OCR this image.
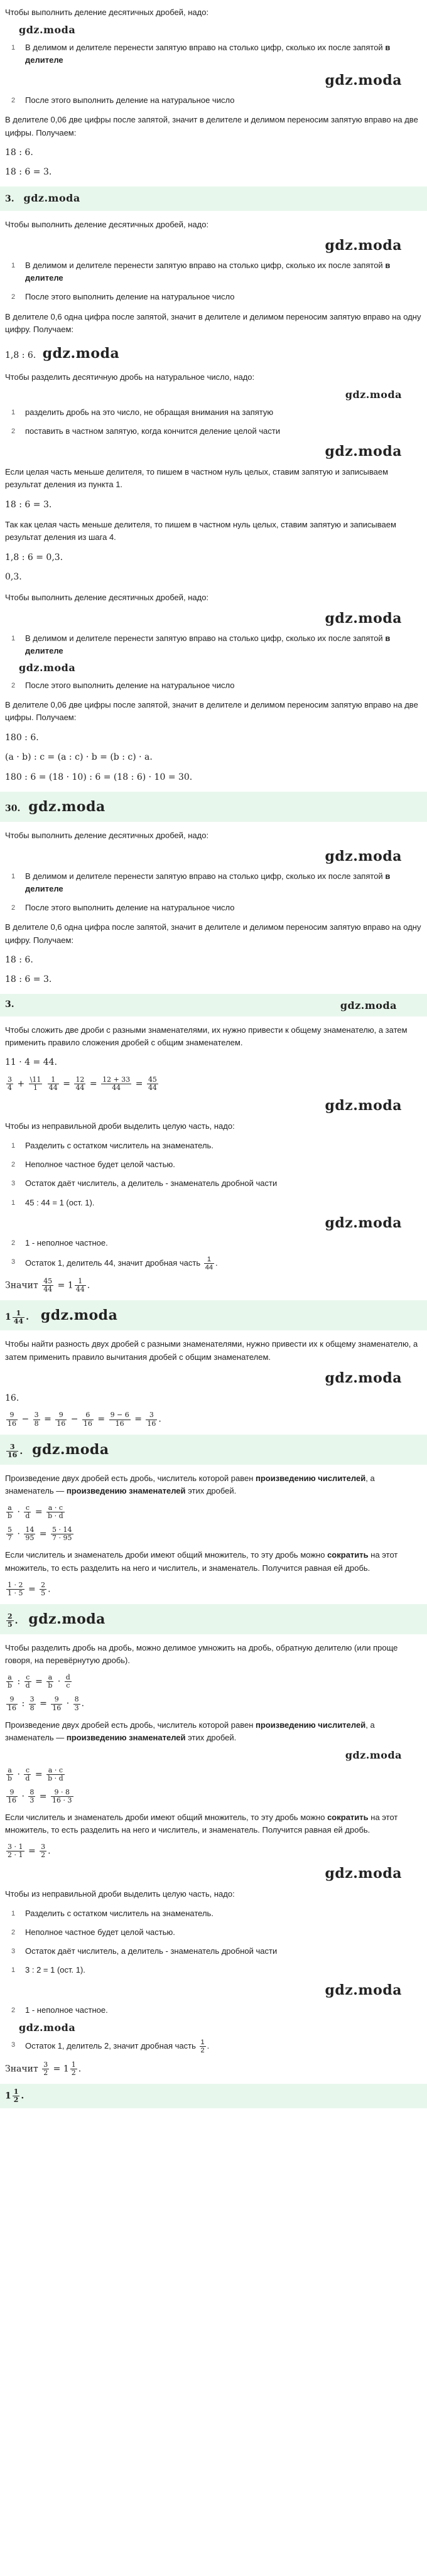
Чтобы выполнить деление десятичных дробей, надо:
gdz.moda
1	В делимом и делителе перенести запятую вправо на столько цифр, сколько их после запятой в делителе
gdz.moda
2	После этого выполнить деление на натуральное число
В делителе 0,06 две цифры после запятой, значит в делителе и делимом переносим запятую вправо на две цифры. Получаем:
18 : 6.
18 : 6 = 3.
3. gdz.moda
Чтобы выполнить деление десятичных дробей, надо:
gdz.moda
1	В делимом и делителе перенести запятую вправо на столько цифр, сколько их после запятой в делителе
2	После этого выполнить деление на натуральное число
В делителе 0,6 одна цифра после запятой, значит в делителе и делимом переносим запятую вправо на одну цифру. Получаем:
1,8 : 6. gdz.moda
Чтобы разделить десятичную дробь на натуральное число, надо:
gdz.moda
1	разделить дробь на это число, не обращая внимания на запятую
2	поставить в частном запятую, когда кончится деление целой части
gdz.moda
Если целая часть меньше делителя, то пишем в частном нуль целых, ставим запятую и записываем результат деления из пункта 1.
18 : 6 = 3.
Так как целая часть меньше делителя, то пишем в частном нуль целых, ставим запятую и записываем результат деления из шага 4.
1,8 : 6 = 0,3.
0,3.
Чтобы выполнить деление десятичных дробей, надо:
gdz.moda
1	В делимом и делителе перенести запятую вправо на столько цифр, сколько их после запятой в делителе
gdz.moda
2	После этого выполнить деление на натуральное число
В делителе 0,06 две цифры после запятой, значит в делителе и делимом переносим запятую вправо на две цифры. Получаем:
180 : 6.
(a · b) : c = (a : c) · b = (b : c) · a.
180 : 6 = (18 · 10) : 6 = (18 : 6) · 10 = 30.
30. gdz.moda
Чтобы выполнить деление десятичных дробей, надо:
gdz.moda
1	В делимом и делителе перенести запятую вправо на столько цифр, сколько их после запятой в делителе
2	После этого выполнить деление на натуральное число
В делителе 0,6 одна цифра после запятой, значит в делителе и делимом переносим запятую вправо на одну цифру. Получаем:
18 : 6.
18 : 6 = 3.
3.	gdz.moda
Чтобы сложить две дроби с разными знаменателями, их нужно привести к общему знаменателю, а затем применить правило сложения дробей с общим знаменателем.
11 · 4 = 44.
$\frac{3}{4} + \frac{\backslash 11}{1}$
$\frac{1}{44} = \frac{12}{44} = \frac{12 + 33}{44} = \frac{45}{44}$
gdz.moda
Чтобы из неправильной дроби выделить целую часть, надо:
1	Разделить с остатком числитель на знаменатель.
2	Неполное частное будет целой частью.
3	Остаток даёт числитель, а делитель - знаменатель дробной части
1	45 : 44 = 1 (ост. 1).
gdz.moda
2	1 - неполное частное.
3	Остаток 1, делитель 44, значит дробная часть $\frac{1}{44}$ .
Значит $\frac{45}{44} = 1 \frac{1}{44}$ .
$1 \frac{1}{44}$ . gdz.moda
Чтобы найти разность двух дробей с разными знаменателями, нужно привести их к общему знаменателю, а затем применить правило вычитания дробей с общим знаменателем.
gdz.moda
16.
$\frac{9}{16} - \frac{3}{8} = \frac{9}{16} - \frac{6}{16} = \frac{9 - 6}{16} = \frac{3}{16}$ .
$\frac{3}{16}$ . gdz.moda
Произведение двух дробей есть дробь, числитель которой равен произведению числителей, а знаменатель — произведению знаменателей этих дробей.
$\frac{a}{b} \cdot \frac{c}{d} = \frac{a \cdot c}{b \cdot d}$
$\frac{5}{7} \cdot \frac{14}{95} = \frac{5 \cdot 14}{7 \cdot 95}$
Если числитель и знаменатель дроби имеют общий множитель, то эту дробь можно сократить на этот множитель, то есть разделить на него и числитель, и знаменатель. Получится равная ей дробь.
$\frac{1 \cdot 2}{1 \cdot 5} = \frac{2}{5}$ .
$\frac{2}{5}$ . gdz.moda
Чтобы разделить дробь на дробь, можно делимое умножить на дробь, обратную делителю (или проще говоря, на перевёрнутую дробь).
$\frac{a}{b}$ : $\frac{c}{d} = \frac{a}{b} \cdot \frac{d}{c}$
$\frac{9}{16}$ : $\frac{3}{8} = \frac{9}{16} \cdot \frac{8}{3}$ .
Произведение двух дробей есть дробь, числитель которой равен произведению числителей, а знаменатель — произведению знаменателей этих дробей.
gdz.moda
$\frac{a}{b} \cdot \frac{c}{d} = \frac{a \cdot c}{b \cdot d}$
$\frac{9}{16} \cdot \frac{8}{3} = \frac{9 \cdot 8}{16 \cdot 3}$
Если числитель и знаменатель дроби имеют общий множитель, то эту дробь можно сократить на этот множитель, то есть разделить на него и числитель, и знаменатель. Получится равная ей дробь.
$\frac{3 \cdot 1}{2 \cdot 1} = \frac{3}{2}$ .
gdz.moda
Чтобы из неправильной дроби выделить целую часть, надо:
1	Разделить с остатком числитель на знаменатель.
2	Неполное частное будет целой частью.
3	Остаток даёт числитель, а делитель - знаменатель дробной части
1	3 : 2 = 1 (ост. 1).
gdz.moda
2	1 - неполное частное.
gdz.moda
3	Остаток 1, делитель 2, значит дробная часть $\frac{1}{2}$ .
Значит $\frac{3}{2} = 1 \frac{1}{2}$ .
$1 \frac{1}{2}$ .
